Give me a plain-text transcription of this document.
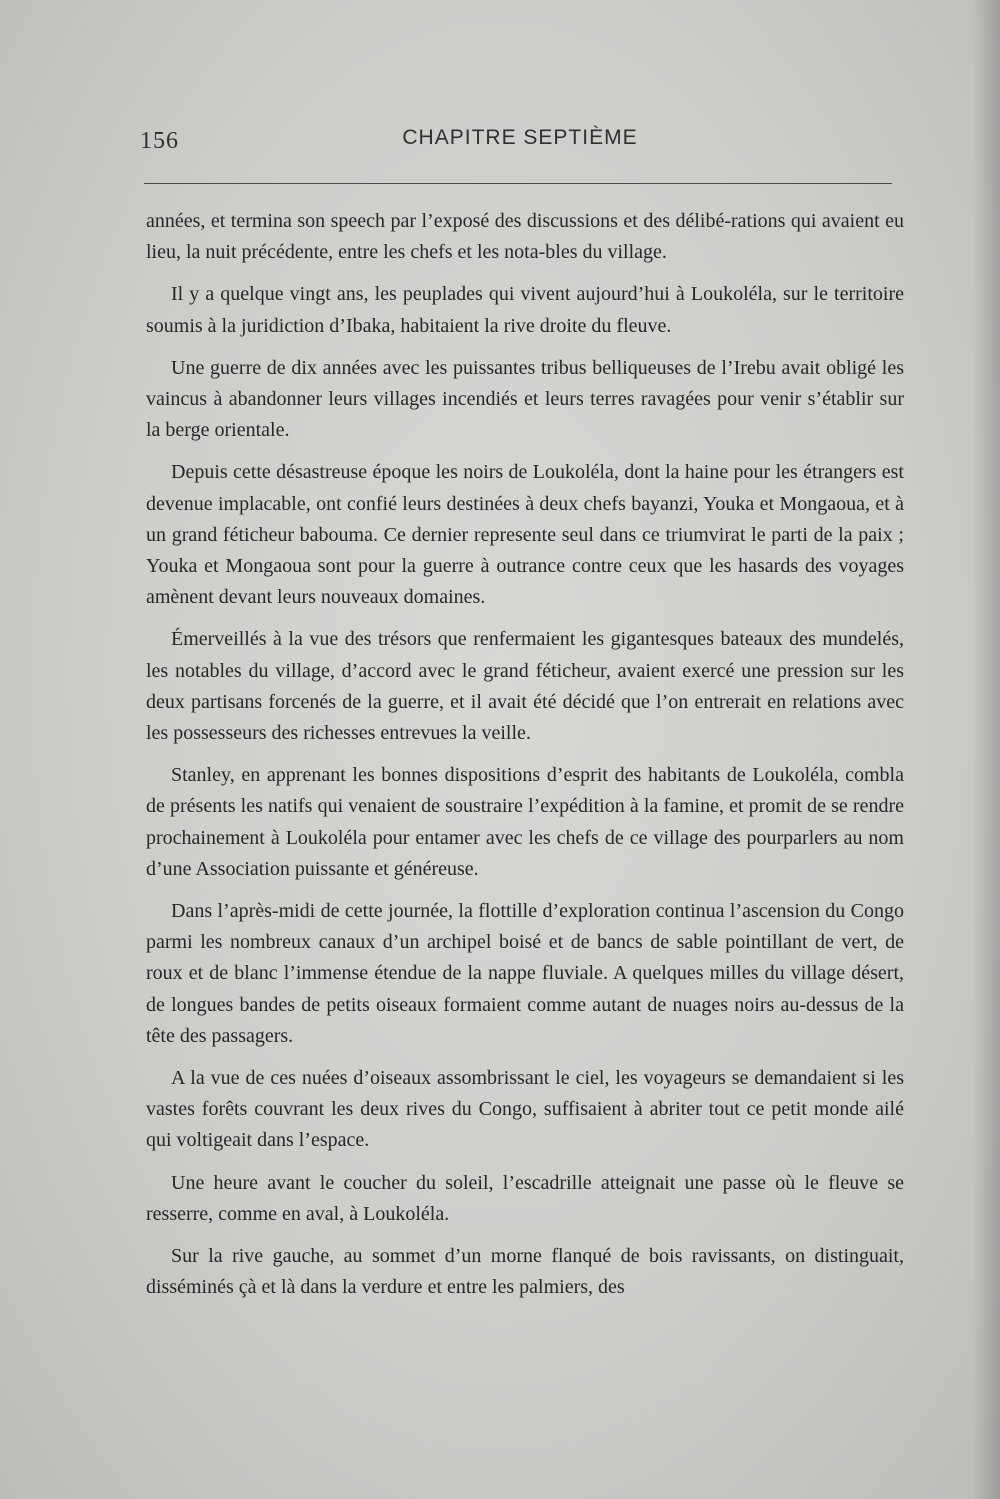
156	CHAPITRE SEPTIÈME

années, et termina son speech par l’exposé des discussions et des délibé-rations qui avaient eu lieu, la nuit précédente, entre les chefs et les nota-bles du village.

Il y a quelque vingt ans, les peuplades qui vivent aujourd’hui à Loukoléla, sur le territoire soumis à la juridiction d’Ibaka, habitaient la rive droite du fleuve.

Une guerre de dix années avec les puissantes tribus belliqueuses de l’Irebu avait obligé les vaincus à abandonner leurs villages incendiés et leurs terres ravagées pour venir s’établir sur la berge orientale.

Depuis cette désastreuse époque les noirs de Loukoléla, dont la haine pour les étrangers est devenue implacable, ont confié leurs destinées à deux chefs bayanzi, Youka et Mongaoua, et à un grand féticheur babouma. Ce dernier represente seul dans ce triumvirat le parti de la paix ; Youka et Mongaoua sont pour la guerre à outrance contre ceux que les hasards des voyages amènent devant leurs nouveaux domaines.

Émerveillés à la vue des trésors que renfermaient les gigantesques bateaux des mundelés, les notables du village, d’accord avec le grand féticheur, avaient exercé une pression sur les deux partisans forcenés de la guerre, et il avait été décidé que l’on entrerait en relations avec les possesseurs des richesses entrevues la veille.

Stanley, en apprenant les bonnes dispositions d’esprit des habitants de Loukoléla, combla de présents les natifs qui venaient de soustraire l’expédition à la famine, et promit de se rendre prochainement à Loukoléla pour entamer avec les chefs de ce village des pourparlers au nom d’une Association puissante et généreuse.

Dans l’après-midi de cette journée, la flottille d’exploration continua l’ascension du Congo parmi les nombreux canaux d’un archipel boisé et de bancs de sable pointillant de vert, de roux et de blanc l’immense étendue de la nappe fluviale. A quelques milles du village désert, de longues bandes de petits oiseaux formaient comme autant de nuages noirs au-dessus de la tête des passagers.

A la vue de ces nuées d’oiseaux assombrissant le ciel, les voyageurs se demandaient si les vastes forêts couvrant les deux rives du Congo, suffisaient à abriter tout ce petit monde ailé qui voltigeait dans l’espace.

Une heure avant le coucher du soleil, l’escadrille atteignait une passe où le fleuve se resserre, comme en aval, à Loukoléla.

Sur la rive gauche, au sommet d’un morne flanqué de bois ravissants, on distinguait, disséminés çà et là dans la verdure et entre les palmiers, des
